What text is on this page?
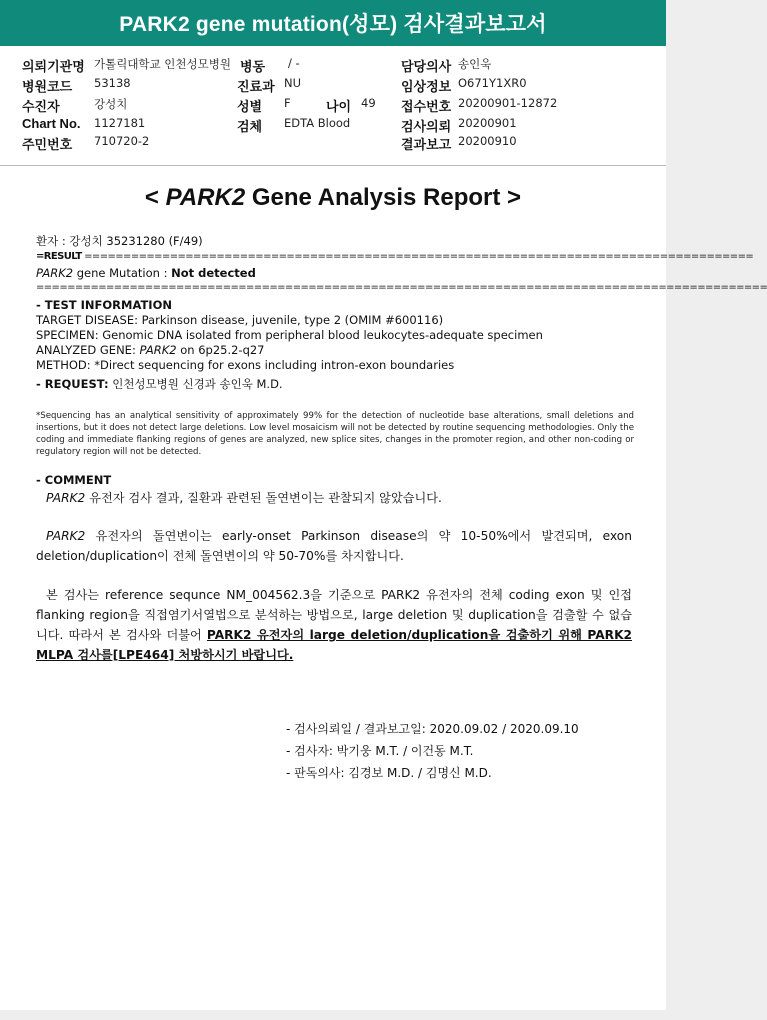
PARK2 gene mutation(성모) 검사결과보고서
의뢰기관명 가톨릭대학교 인천성모병원 병동 / -	담당의사 송인욱
병원코드 53138	진료과 NU	임상정보 O671Y1XR0
수진자	강성치	성별 F	나이 49 접수번호 20200901-12872
Chart No. 1127181	검체 EDTA Blood	검사의뢰 20200901
주민번호 710720-2	결과보고 20200910
< PARK2 Gene Analysis Report >
환자 : 강성치 35231280 (F/49)
=RESULT ======================================================================================
PARK2 gene Mutation : Not detected
==============================================================================================
- TEST INFORMATION
TARGET DISEASE: Parkinson disease, juvenile, type 2 (OMIM #600116)
SPECIMEN: Genomic DNA isolated from peripheral blood leukocytes-adequate specimen
ANALYZED GENE: PARK2 on 6p25.2-q27
METHOD: *Direct sequencing for exons including intron-exon boundaries
- REQUEST: 인천성모병원 신경과 송인욱 M.D.
*Sequencing has an analytical sensitivity of approximately 99% for the detection of nucleotide base alterations, small deletions and insertions, but it does not detect large deletions. Low level mosaicism will not be detected by routine sequencing methodologies. Only the coding and immediate flanking regions of genes are analyzed, new splice sites, changes in the promoter region, and other non-coding or regulatory region will not be detected.
- COMMENT
PARK2 유전자 검사 결과, 질환과 관련된 돌연변이는 관찰되지 않았습니다.
PARK2 유전자의 돌연변이는 early-onset Parkinson disease의 약 10-50%에서 발견되며, exon deletion/duplication이 전체 돌연변이의 약 50-70%를 차지합니다.
본 검사는 reference sequnce NM_004562.3을 기준으로 PARK2 유전자의 전체 coding exon 및 인접 flanking region을 직접염기서열법으로 분석하는 방법으로, large deletion 및 duplication을 검출할 수 없습니다. 따라서 본 검사와 더불어 PARK2 유전자의 large deletion/duplication을 검출하기 위해 PARK2 MLPA 검사를[LPE464] 처방하시기 바랍니다.
- 검사의뢰일 / 결과보고일: 2020.09.02 / 2020.09.10
- 검사자: 박기웅 M.T. / 이건동 M.T.
- 판독의사: 김경보 M.D. / 김명신 M.D.
